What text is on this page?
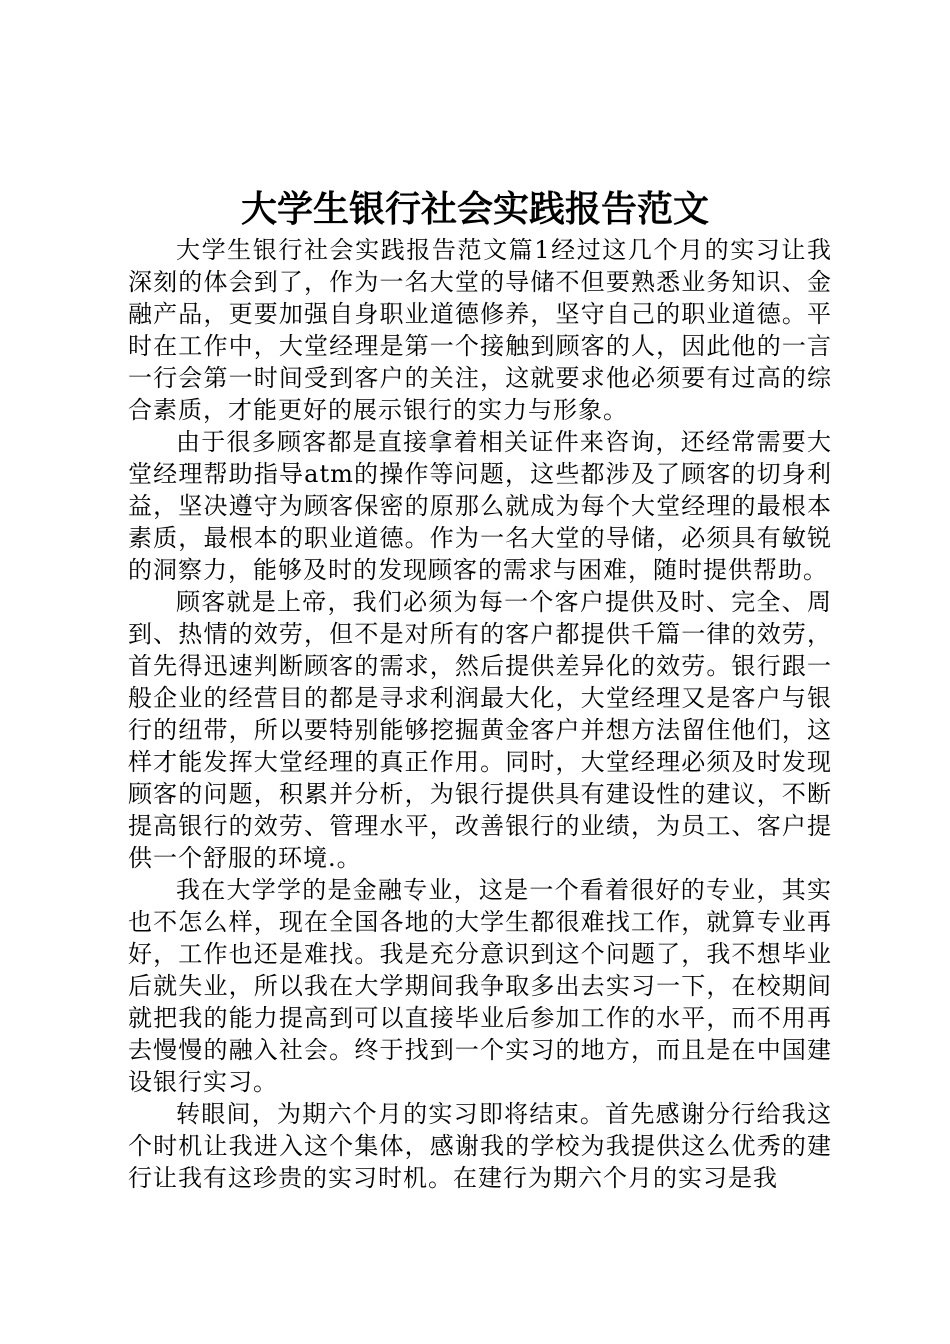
大学生银行社会实践报告范文

大学生银行社会实践报告范文篇1经过这几个月的实习让我深刻的体会到了，作为一名大堂的导储不但要熟悉业务知识、金融产品，更要加强自身职业道德修养，坚守自己的职业道德。平时在工作中，大堂经理是第一个接触到顾客的人，因此他的一言一行会第一时间受到客户的关注，这就要求他必须要有过高的综合素质，才能更好的展示银行的实力与形象。

由于很多顾客都是直接拿着相关证件来咨询，还经常需要大堂经理帮助指导atm的操作等问题，这些都涉及了顾客的切身利益，坚决遵守为顾客保密的原那么就成为每个大堂经理的最根本素质，最根本的职业道德。作为一名大堂的导储，必须具有敏锐的洞察力，能够及时的发现顾客的需求与困难，随时提供帮助。

顾客就是上帝，我们必须为每一个客户提供及时、完全、周到、热情的效劳，但不是对所有的客户都提供千篇一律的效劳，首先得迅速判断顾客的需求，然后提供差异化的效劳。银行跟一般企业的经营目的都是寻求利润最大化，大堂经理又是客户与银行的纽带，所以要特别能够挖掘黄金客户并想方法留住他们，这样才能发挥大堂经理的真正作用。同时，大堂经理必须及时发现顾客的问题，积累并分析，为银行提供具有建设性的建议，不断提高银行的效劳、管理水平，改善银行的业绩，为员工、客户提供一个舒服的环境.。

我在大学学的是金融专业，这是一个看着很好的专业，其实也不怎么样，现在全国各地的大学生都很难找工作，就算专业再好，工作也还是难找。我是充分意识到这个问题了，我不想毕业后就失业，所以我在大学期间我争取多出去实习一下，在校期间就把我的能力提高到可以直接毕业后参加工作的水平，而不用再去慢慢的融入社会。终于找到一个实习的地方，而且是在中国建设银行实习。

转眼间，为期六个月的实习即将结束。首先感谢分行给我这个时机让我进入这个集体，感谢我的学校为我提供这么优秀的建行让我有这珍贵的实习时机。在建行为期六个月的实习是我
